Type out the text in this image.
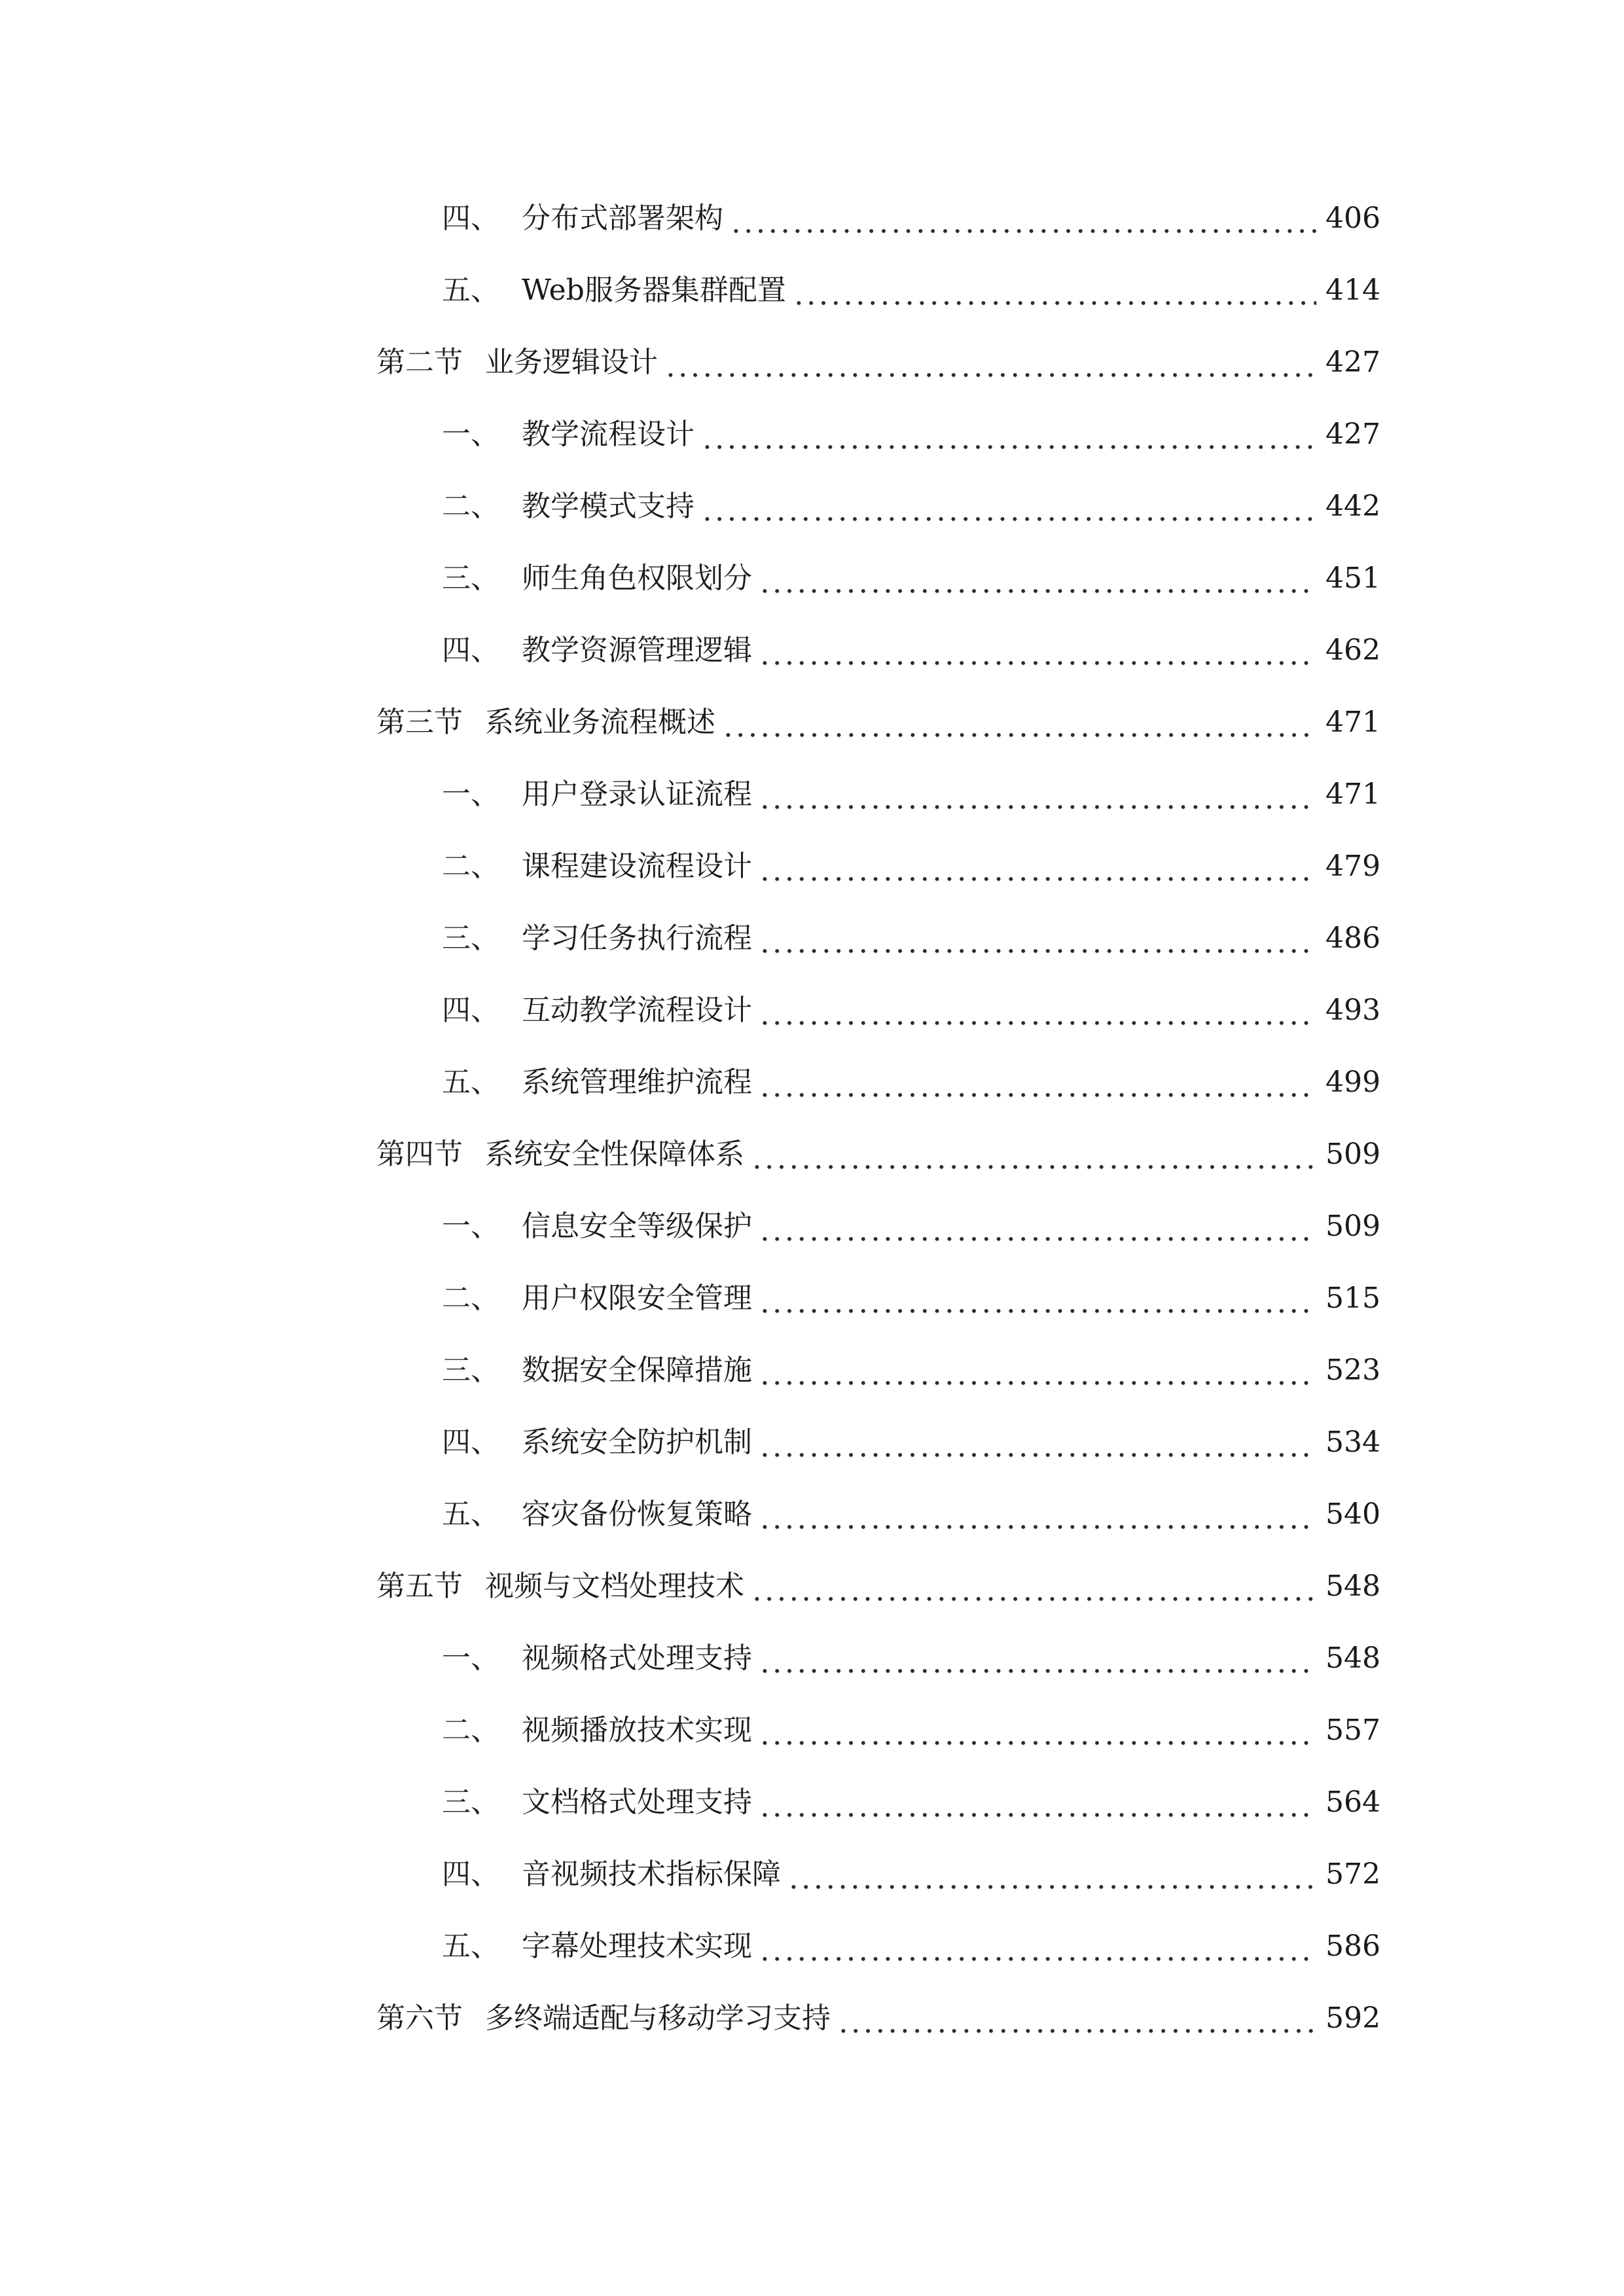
四、 分布式部署架构	406
五、 Web服务器集群配置	414
第二节 业务逻辑设计	427
一、 教学流程设计	427
二、 教学模式支持	442
三、 师生角色权限划分	451
四、 教学资源管理逻辑	462
第三节 系统业务流程概述	471
一、 用户登录认证流程	471
二、 课程建设流程设计	479
三、 学习任务执行流程	486
四、 互动教学流程设计	493
五、 系统管理维护流程	499
第四节 系统安全性保障体系	509
一、 信息安全等级保护	509
二、 用户权限安全管理	515
三、 数据安全保障措施	523
四、 系统安全防护机制	534
五、 容灾备份恢复策略	540
第五节 视频与文档处理技术	548
一、 视频格式处理支持	548
二、 视频播放技术实现	557
三、 文档格式处理支持	564
四、 音视频技术指标保障	572
五、 字幕处理技术实现	586
第六节 多终端适配与移动学习支持	592
